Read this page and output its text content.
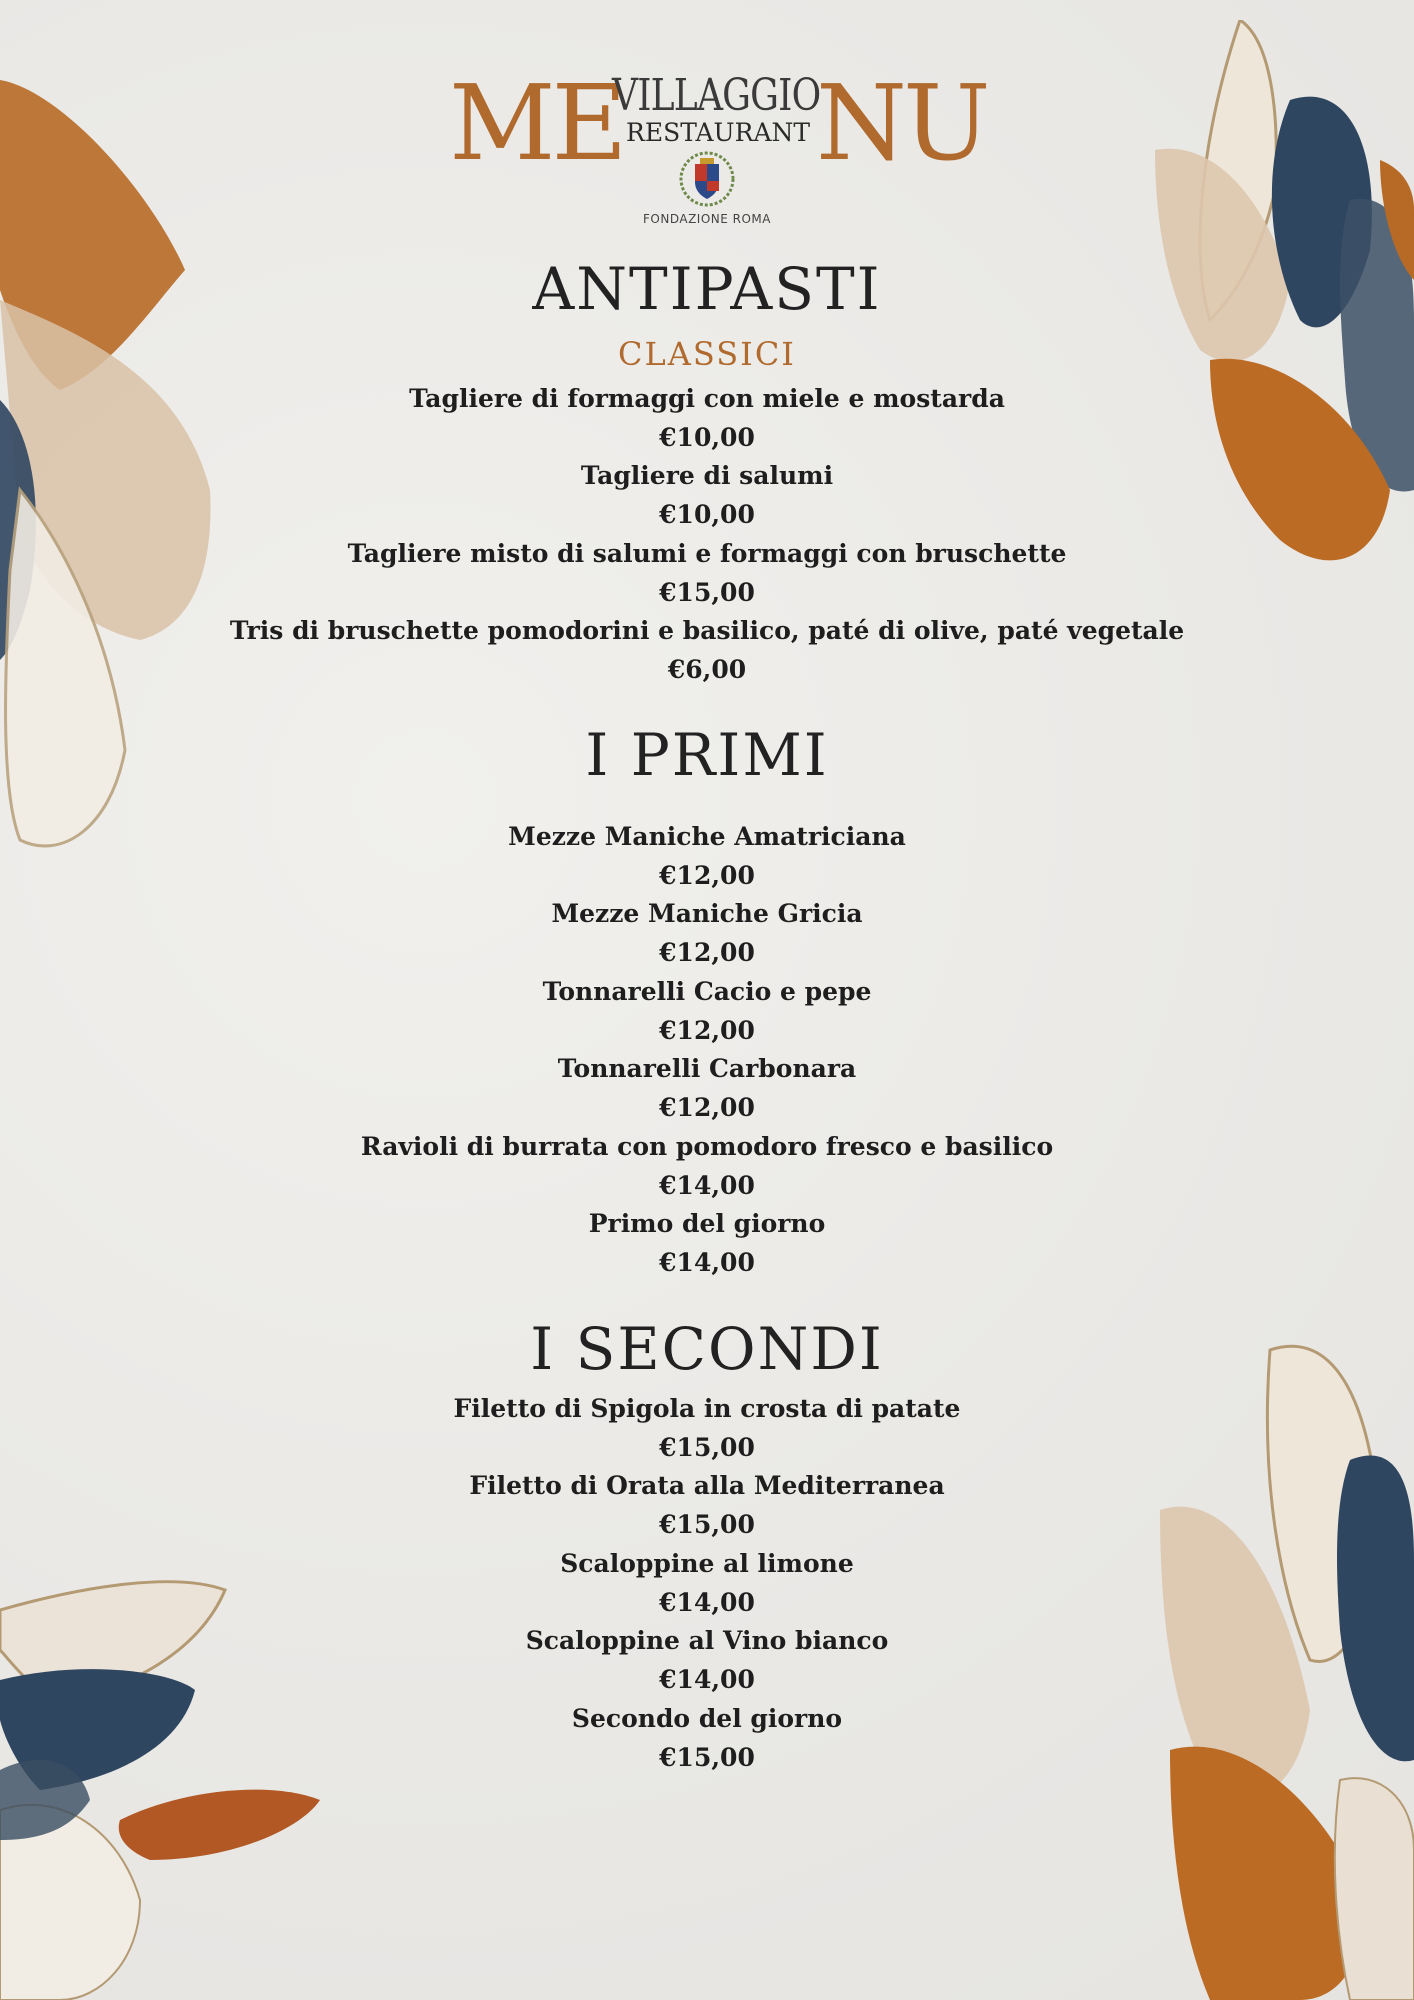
ME
VILLAGGIO
RESTAURANT NU
FONDAZIONE ROMA
ANTIPASTI
CLASSICI
Tagliere di formaggi con miele e mostarda
€10,00
Tagliere di salumi
€10,00
Tagliere misto di salumi e formaggi con bruschette
€15,00
Tris di bruschette pomodorini e basilico, paté di olive, paté vegetale
€6,00
I PRIMI
Mezze Maniche Amatriciana
€12,00
Mezze Maniche Gricia
€12,00
Tonnarelli Cacio e pepe
€12,00
Tonnarelli Carbonara
€12,00
Ravioli di burrata con pomodoro fresco e basilico
€14,00
Primo del giorno
€14,00
I SECONDI
Filetto di Spigola in crosta di patate
€15,00
Filetto di Orata alla Mediterranea
€15,00
Scaloppine al limone
€14,00
Scaloppine al Vino bianco
€14,00
Secondo del giorno
€15,00
